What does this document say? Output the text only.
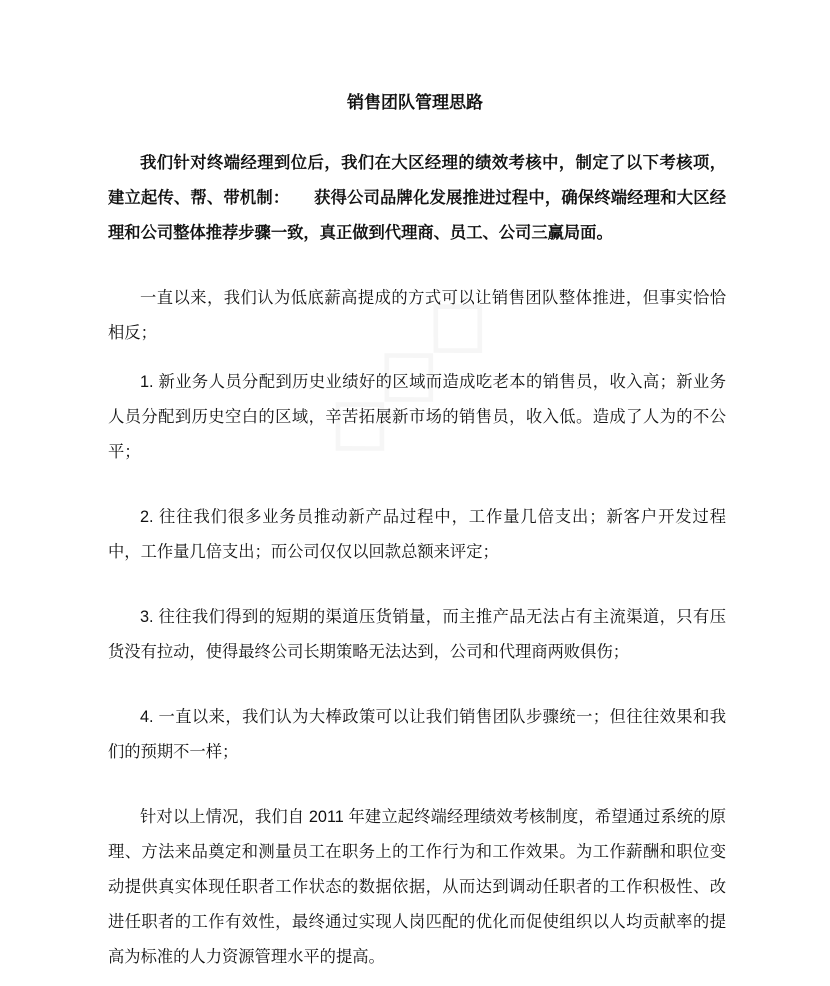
销售团队管理思路

我们针对终端经理到位后，我们在大区经理的绩效考核中，制定了以下考核项，建立起传、帮、带机制：　　获得公司品牌化发展推进过程中，确保终端经理和大区经理和公司整体推荐步骤一致，真正做到代理商、员工、公司三赢局面。

一直以来，我们认为低底薪高提成的方式可以让销售团队整体推进，但事实恰恰相反；

1. 新业务人员分配到历史业绩好的区域而造成吃老本的销售员，收入高；新业务人员分配到历史空白的区域，辛苦拓展新市场的销售员，收入低。造成了人为的不公平；

2. 往往我们很多业务员推动新产品过程中，工作量几倍支出；新客户开发过程中，工作量几倍支出；而公司仅仅以回款总额来评定；

3. 往往我们得到的短期的渠道压货销量，而主推产品无法占有主流渠道，只有压货没有拉动，使得最终公司长期策略无法达到，公司和代理商两败俱伤；

4. 一直以来，我们认为大棒政策可以让我们销售团队步骤统一；但往往效果和我们的预期不一样；

针对以上情况，我们自 2011 年建立起终端经理绩效考核制度，希望通过系统的原理、方法来品奠定和测量员工在职务上的工作行为和工作效果。为工作薪酬和职位变动提供真实体现任职者工作状态的数据依据，从而达到调动任职者的工作积极性、改进任职者的工作有效性，最终通过实现人岗匹配的优化而促使组织以人均贡献率的提高为标准的人力资源管理水平的提高。
